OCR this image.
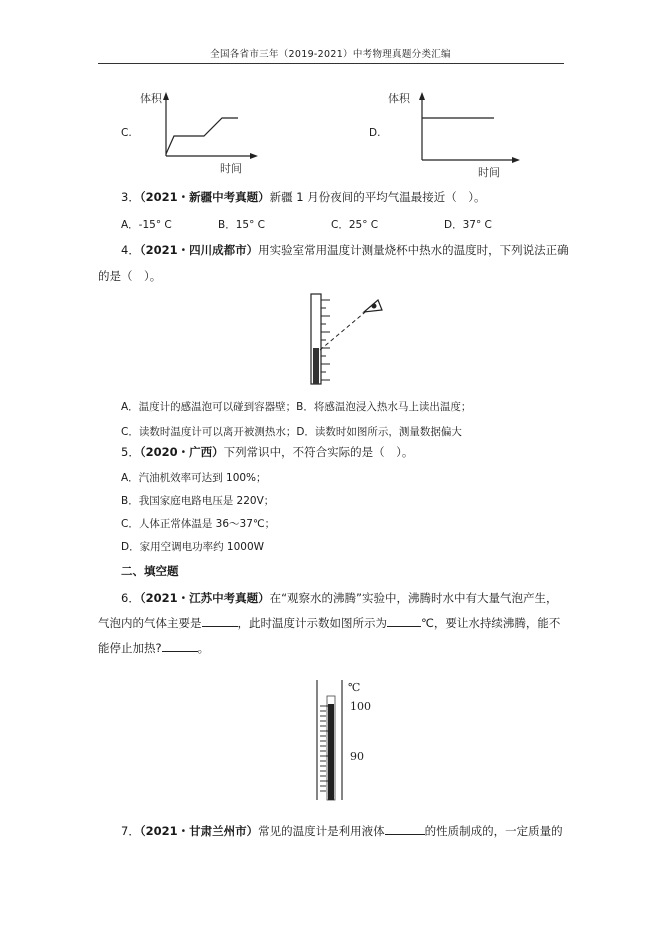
全国各省市三年（2019-2021）中考物理真题分类汇编
C.
体积
时间
D.
体积
时间
3．（2021・新疆中考真题）新疆 1 月份夜间的平均气温最接近（　）。
A．-15° C	B．15° C	C．25° C	D．37° C
4．（2021・四川成都市）用实验室常用温度计测量烧杯中热水的温度时，下列说法正确
的是（　）。
A．温度计的感温泡可以碰到容器壁；B．将感温泡浸入热水马上读出温度；
C．读数时温度计可以离开被测热水；D．读数时如图所示，测量数据偏大
5．（2020・广西）下列常识中，不符合实际的是（　）。
A．汽油机效率可达到 100%；
B．我国家庭电路电压是 220V；
C．人体正常体温是 36～37℃；
D．家用空调电功率约 1000W
二、填空题
6．（2021・江苏中考真题）在“观察水的沸腾”实验中，沸腾时水中有大量气泡产生，
气泡内的气体主要是	，此时温度计示数如图所示为	℃，要让水持续沸腾，能不
能停止加热?	。
℃
100
90
7．（2021・甘肃兰州市）常见的温度计是利用液体	的性质制成的，一定质量的
